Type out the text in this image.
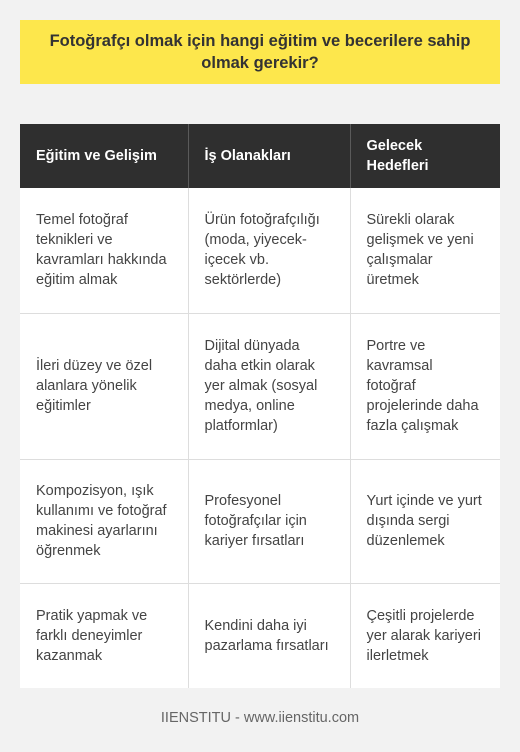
Fotoğrafçı olmak için hangi eğitim ve becerilere sahip olmak gerekir?
Eğitim ve Gelişim	İş Olanakları	Gelecek Hedefleri
Temel fotoğraf teknikleri ve kavramları hakkında eğitim almak	Ürün fotoğrafçılığı (moda, yiyecek-içecek vb. sektörlerde)	Sürekli olarak gelişmek ve yeni çalışmalar üretmek
İleri düzey ve özel alanlara yönelik eğitimler	Dijital dünyada daha etkin olarak yer almak (sosyal medya, online platformlar)	Portre ve kavramsal fotoğraf projelerinde daha fazla çalışmak
Kompozisyon, ışık kullanımı ve fotoğraf makinesi ayarlarını öğrenmek	Profesyonel fotoğrafçılar için kariyer fırsatları	Yurt içinde ve yurt dışında sergi düzenlemek
Pratik yapmak ve farklı deneyimler kazanmak	Kendini daha iyi pazarlama fırsatları	Çeşitli projelerde yer alarak kariyeri ilerletmek
IIENSTITU - www.iienstitu.com
